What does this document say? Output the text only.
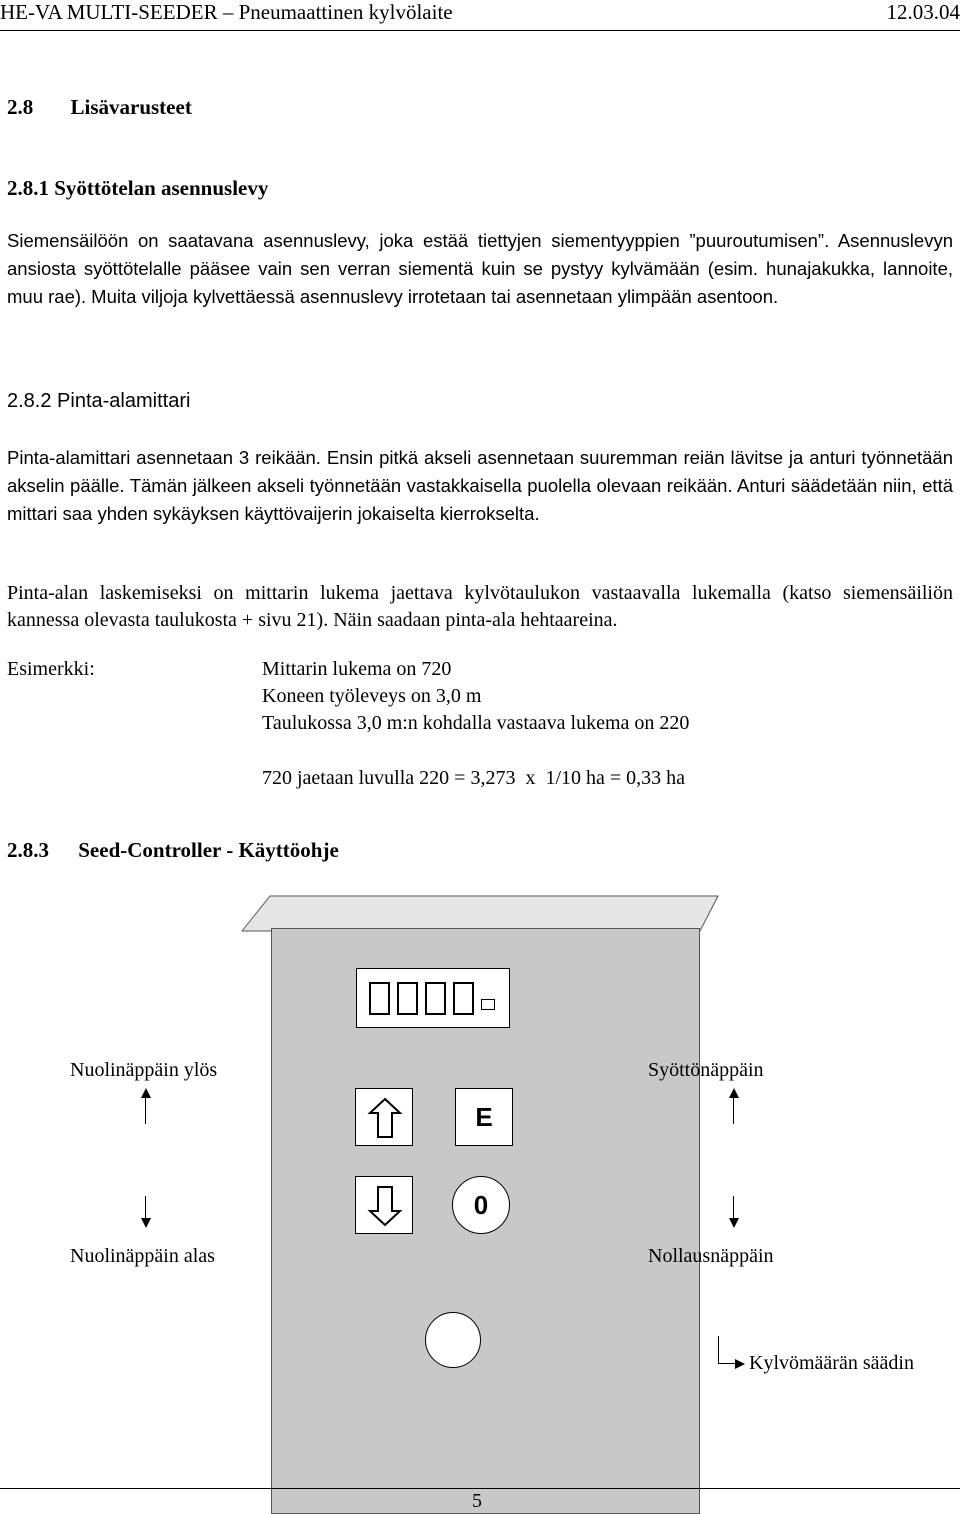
HE-VA MULTI-SEEDER – Pneumaattinen kylvölaite	12.03.04
2.8 Lisävarusteet
2.8.1 Syöttötelan asennuslevy

Siemensäilöön on saatavana asennuslevy, joka estää tiettyjen siementyyppien ”puuroutumisen”. Asennuslevyn ansiosta syöttötelalle pääsee vain sen verran siementä kuin se pystyy kylvämään (esim. hunajakukka, lannoite, muu rae). Muita viljoja kylvettäessä asennuslevy irrotetaan tai asennetaan ylimpään asentoon.

2.8.2 Pinta-alamittari

Pinta-alamittari asennetaan 3 reikään. Ensin pitkä akseli asennetaan suuremman reiän lävitse ja anturi työnnetään akselin päälle. Tämän jälkeen akseli työnnetään vastakkaisella puolella olevaan reikään. Anturi säädetään niin, että mittari saa yhden sykäyksen käyttövaijerin jokaiselta kierrokselta.

Pinta-alan laskemiseksi on mittarin lukema jaettava kylvötaulukon vastaavalla lukemalla (katso siemensäiliön kannessa olevasta taulukosta + sivu 21). Näin saadaan pinta-ala hehtaareina.

Esimerkki:	Mittarin lukema on 720
Koneen työleveys on 3,0 m
Taulukossa 3,0 m:n kohdalla vastaava lukema on 220
720 jaetaan luvulla 220 = 3,273  x  1/10 ha = 0,33 ha
2.8.3 Seed-Controller - Käyttöohje
E
0
Nuolinäppäin ylös	Syöttönäppäin
Nuolinäppäin alas	Nollausnäppäin
Kylvömäärän säädin
5
